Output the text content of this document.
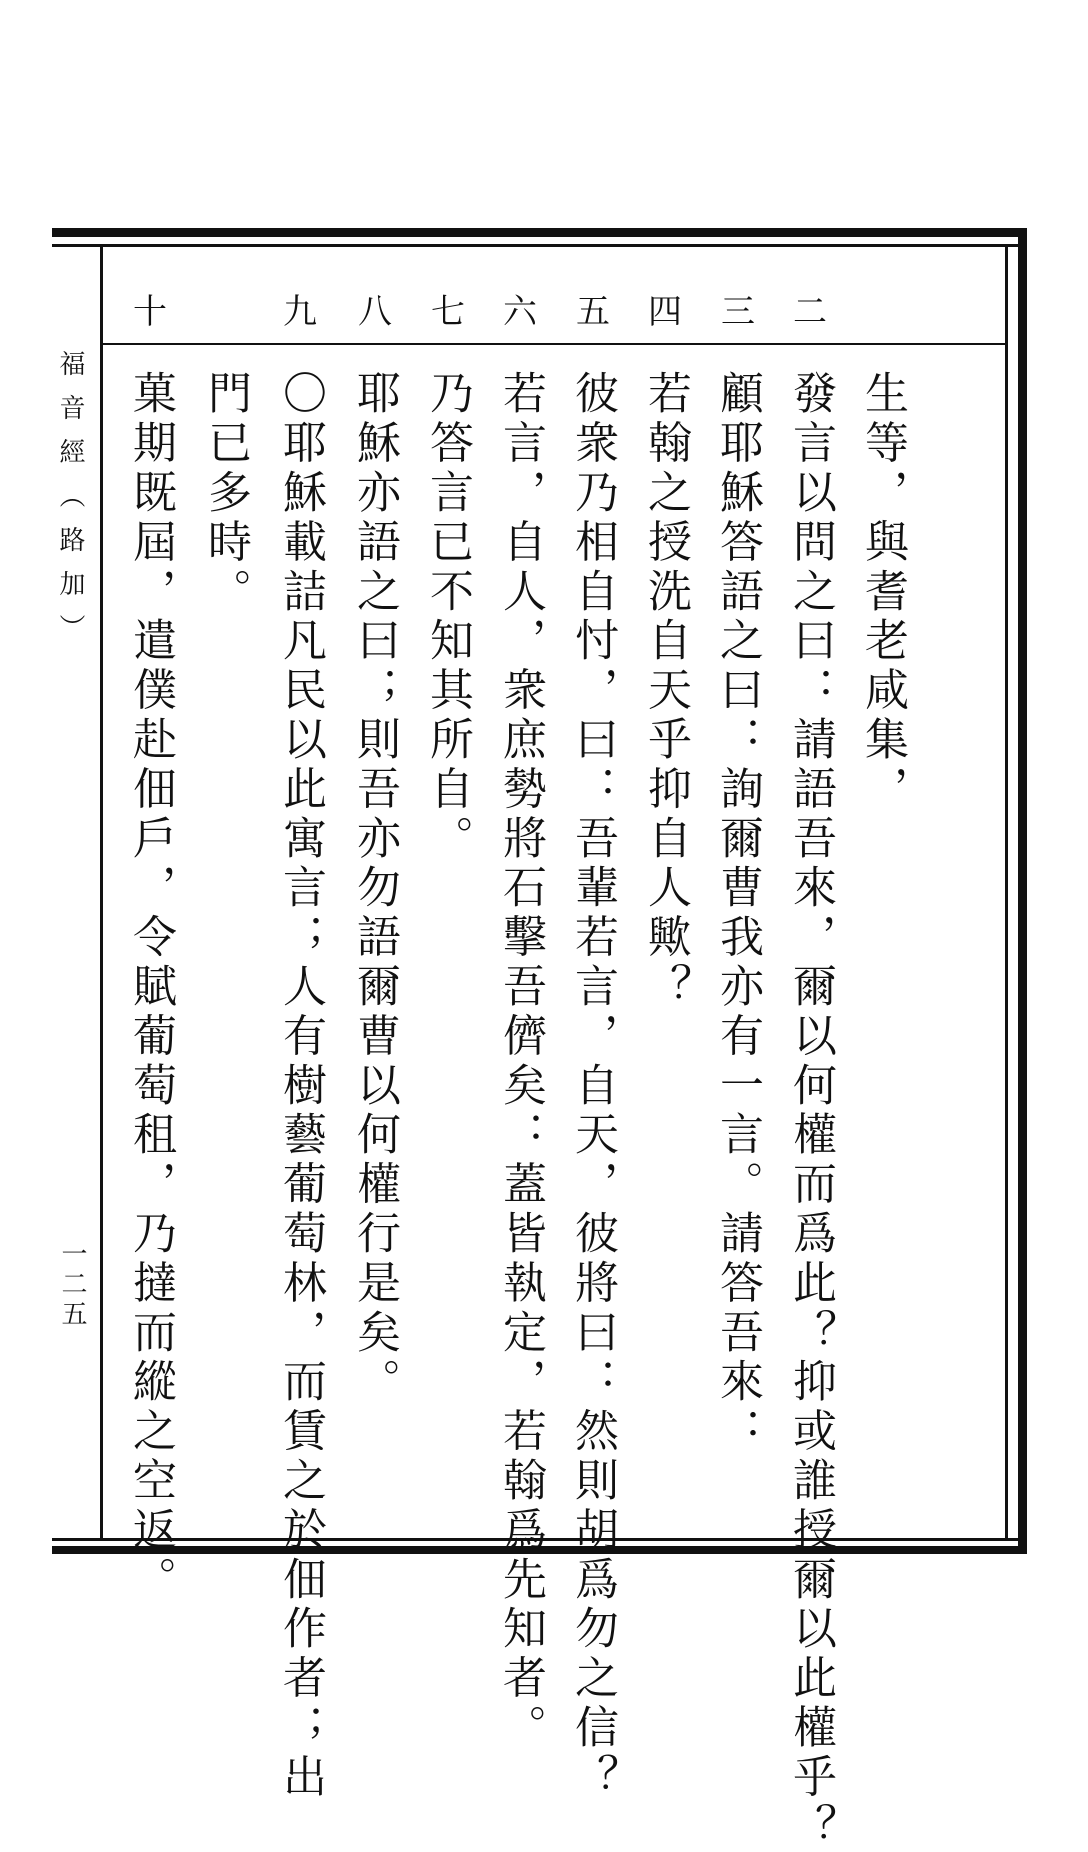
福音經（路加）
一二五
二
三
四
五
六
七
八
九
十
生等，與耆老咸集，
發言以問之曰：請語吾來，爾以何權而爲此？抑或誰授爾以此權乎？
顧耶穌答語之曰：詢爾曹我亦有一言。請答吾來：
若翰之授洗自天乎抑自人歟？
彼衆乃相自忖，曰：吾輩若言，自天，彼將曰：然則胡爲勿之信？
若言，自人，衆庶勢將石擊吾儕矣：蓋皆執定，若翰爲先知者。
乃答言已不知其所自。
耶穌亦語之曰；則吾亦勿語爾曹以何權行是矣。
〇耶穌載詰凡民以此寓言；人有樹藝葡萄林，而賃之於佃作者；出
門已多時。
菓期既屆，遣僕赴佃戶，令賦葡萄租，乃撻而縱之空返。
